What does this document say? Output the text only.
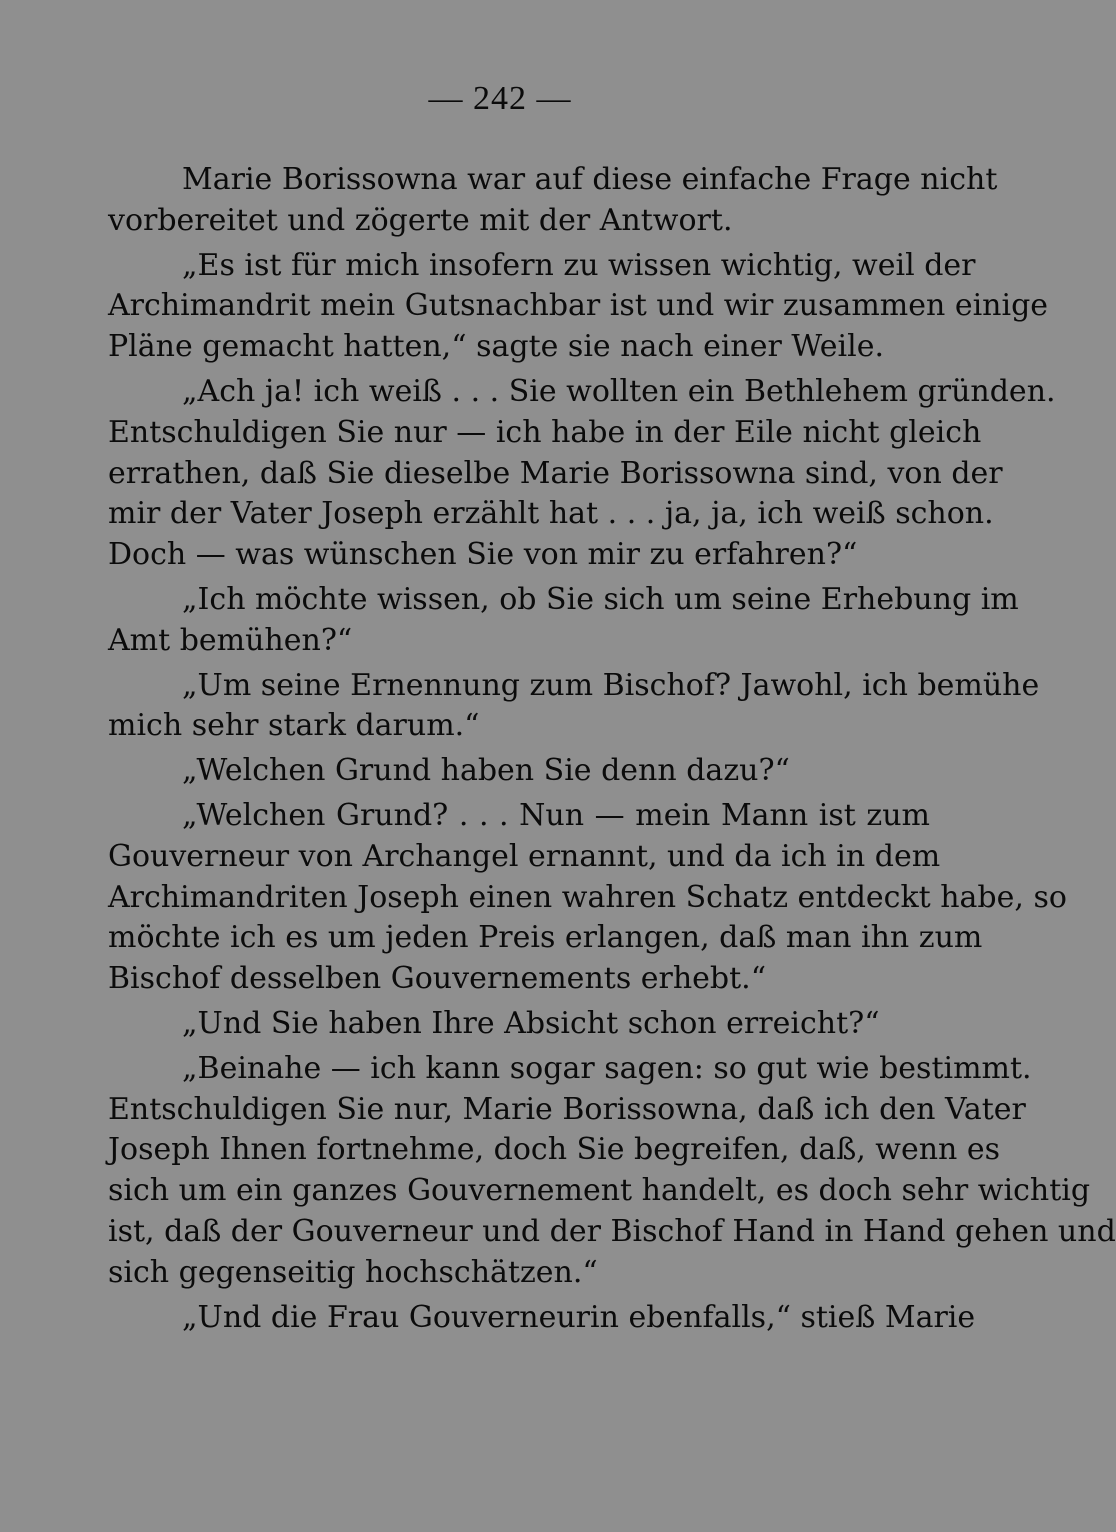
— 242 —
Marie Borissowna war auf diese einfache Frage nicht
vorbereitet und zögerte mit der Antwort.
„Es ist für mich insofern zu wissen wichtig, weil der
Archimandrit mein Gutsnachbar ist und wir zusammen einige
Pläne gemacht hatten,“ sagte sie nach einer Weile.
„Ach ja! ich weiß . . . Sie wollten ein Bethlehem gründen.
Entschuldigen Sie nur — ich habe in der Eile nicht gleich
errathen, daß Sie dieselbe Marie Borissowna sind, von der
mir der Vater Joseph erzählt hat . . . ja, ja, ich weiß schon.
Doch — was wünschen Sie von mir zu erfahren?“
„Ich möchte wissen, ob Sie sich um seine Erhebung im
Amt bemühen?“
„Um seine Ernennung zum Bischof? Jawohl, ich bemühe
mich sehr stark darum.“
„Welchen Grund haben Sie denn dazu?“
„Welchen Grund? . . . Nun — mein Mann ist zum
Gouverneur von Archangel ernannt, und da ich in dem
Archimandriten Joseph einen wahren Schatz entdeckt habe, so
möchte ich es um jeden Preis erlangen, daß man ihn zum
Bischof desselben Gouvernements erhebt.“
„Und Sie haben Ihre Absicht schon erreicht?“
„Beinahe — ich kann sogar sagen: so gut wie bestimmt.
Entschuldigen Sie nur, Marie Borissowna, daß ich den Vater
Joseph Ihnen fortnehme, doch Sie begreifen, daß, wenn es
sich um ein ganzes Gouvernement handelt, es doch sehr wichtig
ist, daß der Gouverneur und der Bischof Hand in Hand gehen und
sich gegenseitig hochschätzen.“
„Und die Frau Gouverneurin ebenfalls,“ stieß Marie
